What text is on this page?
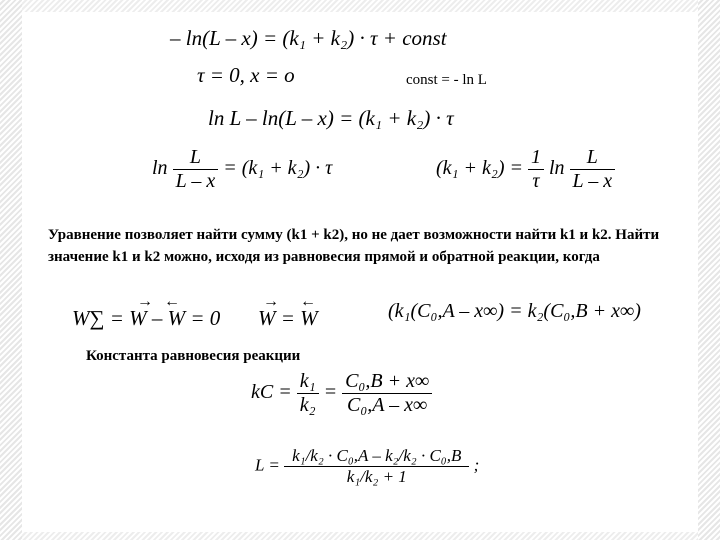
– ln(L – x) = (k₁ + k₂) · τ + const
τ = 0, x = o	const = - ln L
ln L – ln(L – x) = (k₁ + k₂) · τ
$\ln \frac{L}{L - x} = (k_1 + k_2) \cdot \tau$	$(k_1 + k_2) = \frac{1}{\tau}$ $\ln \frac{L}{L - x}$
Уравнение позволяет найти сумму (k1 + k2), но не дает возможности найти k1 и k2. Найти значение k1 и k2 можно, исходя из равновесия прямой и обратной реакции, когда
→ ←
W∑ = W – W = 0
→ ←
W = W	(k₁(C₀,A – x∞) = k₂(C₀,B + x∞)
Константа равновесия реакции
kC = $\frac{\text{k₁}}{\text{k₂}} = \frac{\text{C₀,B + x∞}}{\text{C₀,A – x∞}}$
$L = \frac{\text{k₁/k₂ · C₀,A – k₂/k₂ · C₀,B}}{\text{k₁/k₂ + 1}}$ ;
